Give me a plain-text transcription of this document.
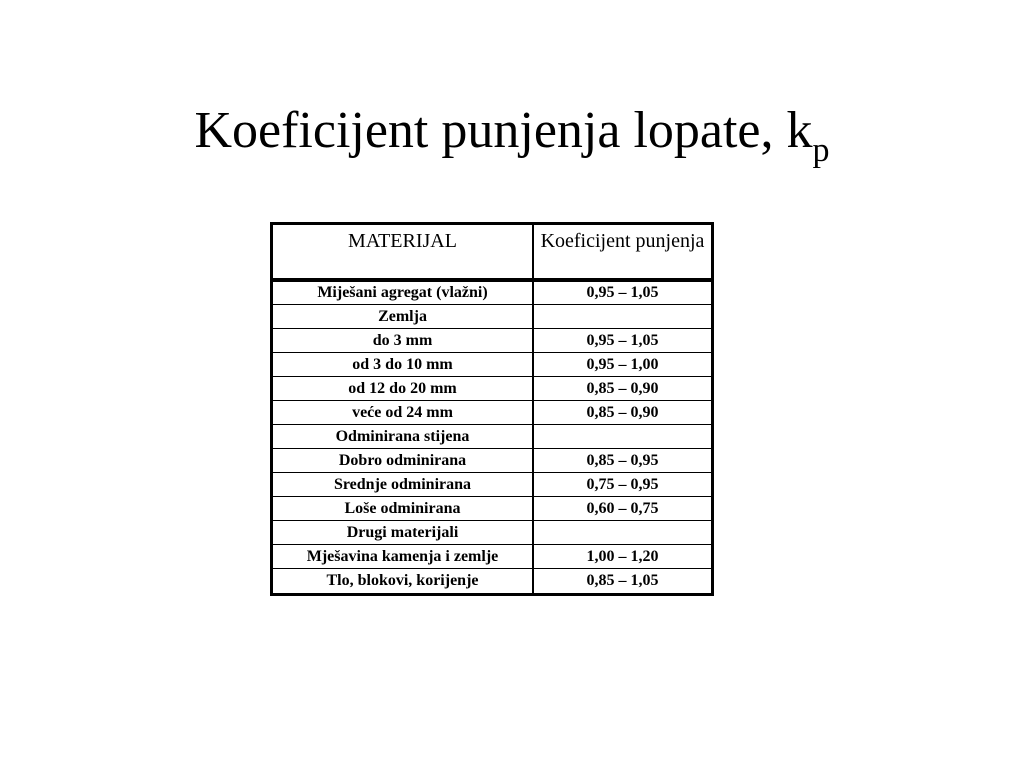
Koeficijent punjenja lopate, $k_p$
MATERIJAL	Koeficijent punjenja
Miješani agregat (vlažni)	0,95 – 1,05
Zemlja	
do 3 mm	0,95 – 1,05
od 3 do 10 mm	0,95 – 1,00
od 12 do 20 mm	0,85 – 0,90
veće od 24 mm	0,85 – 0,90
Odminirana stijena	
Dobro odminirana	0,85 – 0,95
Srednje odminirana	0,75 – 0,95
Loše odminirana	0,60 – 0,75
Drugi materijali	
Mješavina kamenja i zemlje	1,00 – 1,20
Tlo, blokovi, korijenje	0,85 – 1,05
